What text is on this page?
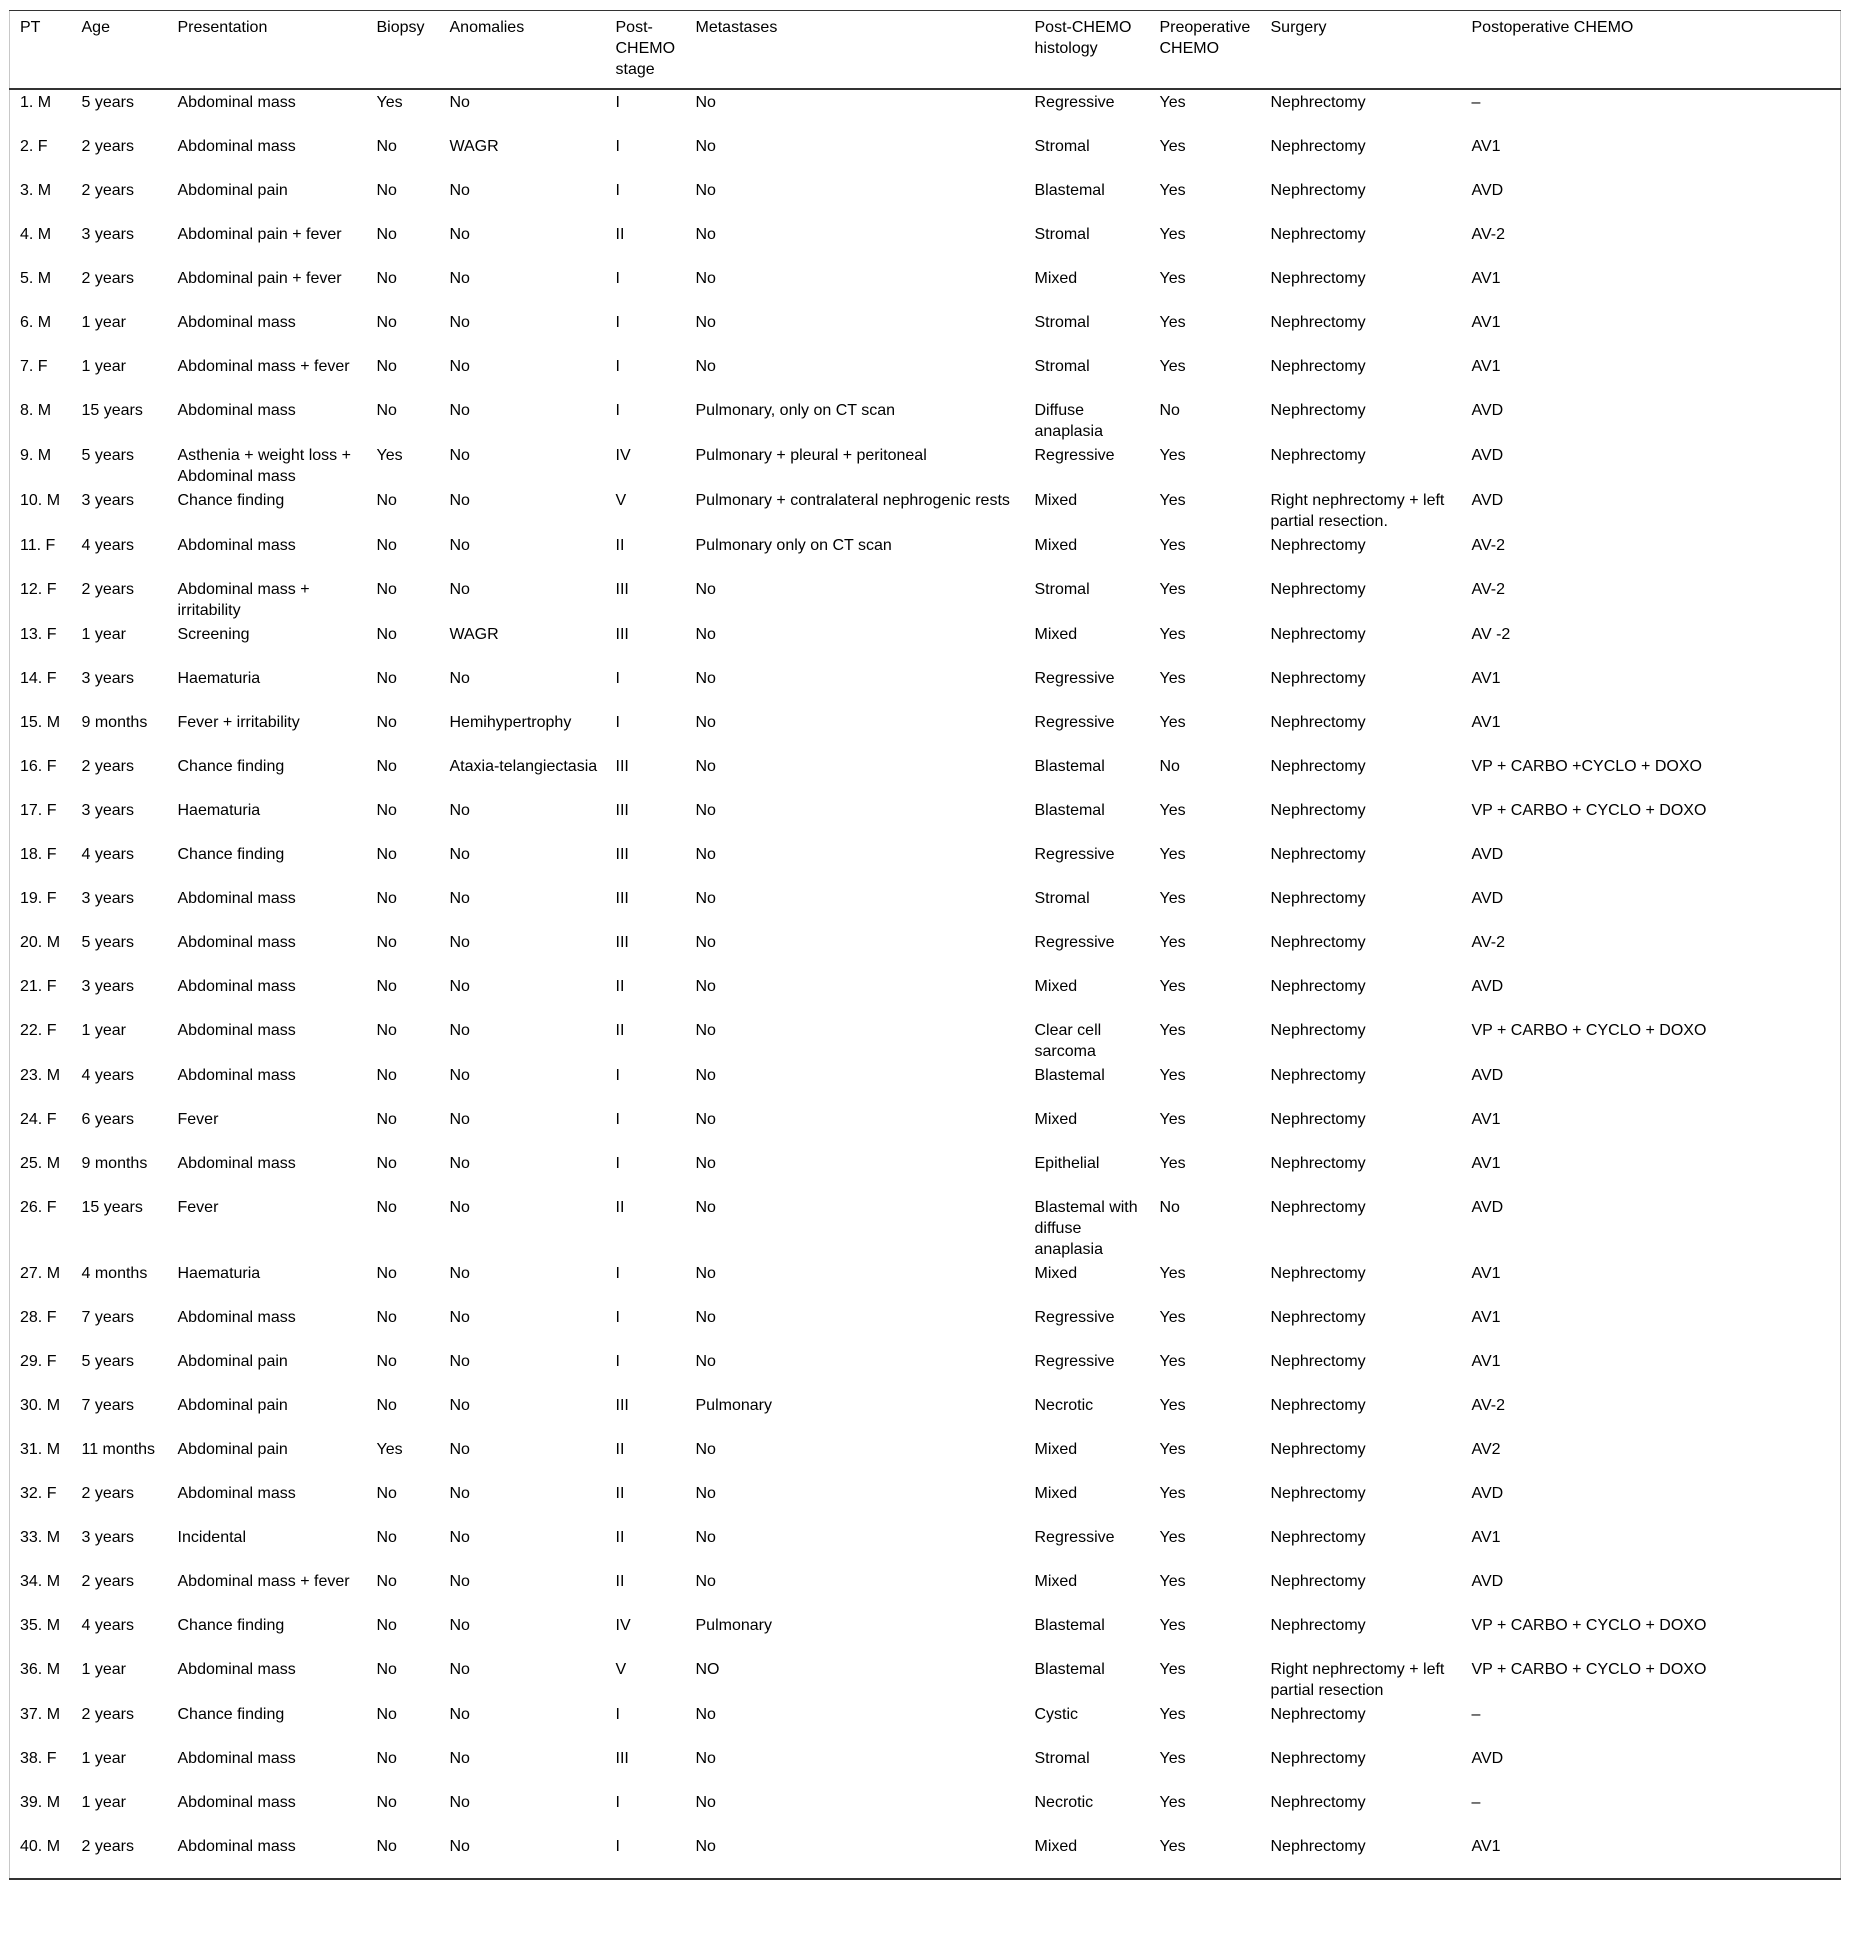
PT	Age	Presentation	Biopsy	Anomalies	Post-CHEMO stage	Metastases	Post-CHEMO histology	Preoperative CHEMO	Surgery	Postoperative CHEMO
1. M	5 years	Abdominal mass	Yes	No	I	No	Regressive	Yes	Nephrectomy	–
2. F	2 years	Abdominal mass	No	WAGR	I	No	Stromal	Yes	Nephrectomy	AV1
3. M	2 years	Abdominal pain	No	No	I	No	Blastemal	Yes	Nephrectomy	AVD
4. M	3 years	Abdominal pain + fever	No	No	II	No	Stromal	Yes	Nephrectomy	AV-2
5. M	2 years	Abdominal pain + fever	No	No	I	No	Mixed	Yes	Nephrectomy	AV1
6. M	1 year	Abdominal mass	No	No	I	No	Stromal	Yes	Nephrectomy	AV1
7. F	1 year	Abdominal mass + fever	No	No	I	No	Stromal	Yes	Nephrectomy	AV1
8. M	15 years	Abdominal mass	No	No	I	Pulmonary, only on CT scan	Diffuse anaplasia	No	Nephrectomy	AVD
9. M	5 years	Asthenia + weight loss + Abdominal mass	Yes	No	IV	Pulmonary + pleural + peritoneal	Regressive	Yes	Nephrectomy	AVD
10. M	3 years	Chance finding	No	No	V	Pulmonary + contralateral nephrogenic rests	Mixed	Yes	Right nephrectomy + left partial resection.	AVD
11. F	4 years	Abdominal mass	No	No	II	Pulmonary only on CT scan	Mixed	Yes	Nephrectomy	AV-2
12. F	2 years	Abdominal mass + irritability	No	No	III	No	Stromal	Yes	Nephrectomy	AV-2
13. F	1 year	Screening	No	WAGR	III	No	Mixed	Yes	Nephrectomy	AV -2
14. F	3 years	Haematuria	No	No	I	No	Regressive	Yes	Nephrectomy	AV1
15. M	9 months	Fever + irritability	No	Hemihypertrophy	I	No	Regressive	Yes	Nephrectomy	AV1
16. F	2 years	Chance finding	No	Ataxia-telangiectasia	III	No	Blastemal	No	Nephrectomy	VP + CARBO +CYCLO + DOXO
17. F	3 years	Haematuria	No	No	III	No	Blastemal	Yes	Nephrectomy	VP + CARBO + CYCLO + DOXO
18. F	4 years	Chance finding	No	No	III	No	Regressive	Yes	Nephrectomy	AVD
19. F	3 years	Abdominal mass	No	No	III	No	Stromal	Yes	Nephrectomy	AVD
20. M	5 years	Abdominal mass	No	No	III	No	Regressive	Yes	Nephrectomy	AV-2
21. F	3 years	Abdominal mass	No	No	II	No	Mixed	Yes	Nephrectomy	AVD
22. F	1 year	Abdominal mass	No	No	II	No	Clear cell sarcoma	Yes	Nephrectomy	VP + CARBO + CYCLO + DOXO
23. M	4 years	Abdominal mass	No	No	I	No	Blastemal	Yes	Nephrectomy	AVD
24. F	6 years	Fever	No	No	I	No	Mixed	Yes	Nephrectomy	AV1
25. M	9 months	Abdominal mass	No	No	I	No	Epithelial	Yes	Nephrectomy	AV1
26. F	15 years	Fever	No	No	II	No	Blastemal with diffuse anaplasia	No	Nephrectomy	AVD
27. M	4 months	Haematuria	No	No	I	No	Mixed	Yes	Nephrectomy	AV1
28. F	7 years	Abdominal mass	No	No	I	No	Regressive	Yes	Nephrectomy	AV1
29. F	5 years	Abdominal pain	No	No	I	No	Regressive	Yes	Nephrectomy	AV1
30. M	7 years	Abdominal pain	No	No	III	Pulmonary	Necrotic	Yes	Nephrectomy	AV-2
31. M	11 months	Abdominal pain	Yes	No	II	No	Mixed	Yes	Nephrectomy	AV2
32. F	2 years	Abdominal mass	No	No	II	No	Mixed	Yes	Nephrectomy	AVD
33. M	3 years	Incidental	No	No	II	No	Regressive	Yes	Nephrectomy	AV1
34. M	2 years	Abdominal mass + fever	No	No	II	No	Mixed	Yes	Nephrectomy	AVD
35. M	4 years	Chance finding	No	No	IV	Pulmonary	Blastemal	Yes	Nephrectomy	VP + CARBO + CYCLO + DOXO
36. M	1 year	Abdominal mass	No	No	V	NO	Blastemal	Yes	Right nephrectomy + left partial resection	VP + CARBO + CYCLO + DOXO
37. M	2 years	Chance finding	No	No	I	No	Cystic	Yes	Nephrectomy	–
38. F	1 year	Abdominal mass	No	No	III	No	Stromal	Yes	Nephrectomy	AVD
39. M	1 year	Abdominal mass	No	No	I	No	Necrotic	Yes	Nephrectomy	–
40. M	2 years	Abdominal mass	No	No	I	No	Mixed	Yes	Nephrectomy	AV1
